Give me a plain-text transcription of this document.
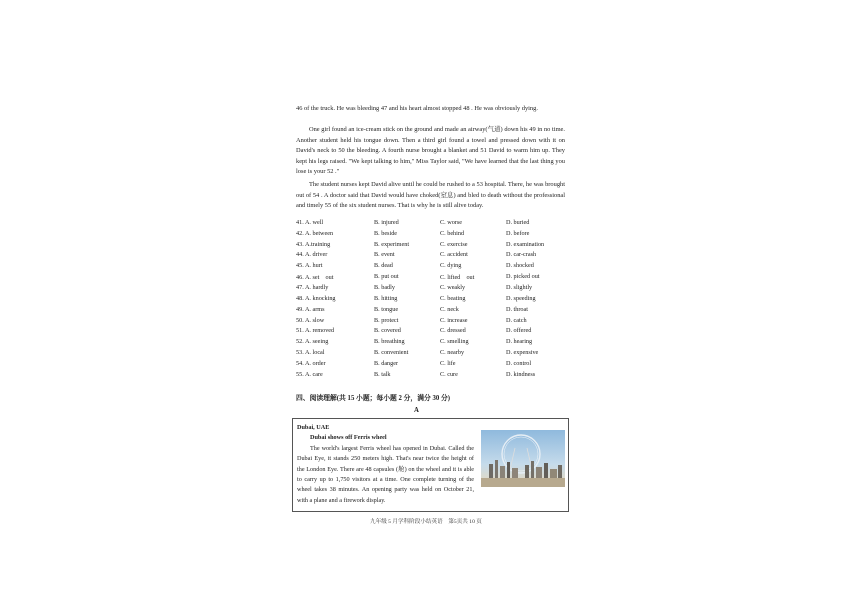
46 of the truck. He was bleeding 47 and his heart almost stopped 48 . He was obviously dying.

One girl found an ice-cream stick on the ground and made an airway(气道) down his 49 in no time. Another student held his tongue down. Then a third girl found a towel and pressed down with it on David's neck to 50 the bleeding. A fourth nurse brought a blanket and 51 David to warm him up. They kept his legs raised. "We kept talking to him," Miss Taylor said, "We have learned that the last thing you lose is your 52 ."

The student nurses kept David alive until he could be rushed to a 53 hospital. There, he was brought out of 54 . A doctor said that David would have choked(窒息) and bled to death without the professional and timely 55 of the six student nurses. That is why he is still alive today.

41. A. well	B. injured	C. worse	D. buried
42. A. between	B. beside	C. behind	D. before
43. A.training	B. experiment	C. exercise	D. examination
44. A. driver	B. event	C. accident	D. car-crash
45. A. hurt	B. dead	C. dying	D. shocked
46. A. set　out	B. put out	C. lifted　out	D. picked out
47. A. hardly	B. badly	C. weakly	D. slightly
48. A. knocking	B. hitting	C. beating	D. speeding
49. A. arms	B. tongue	C. neck	D. throat
50. A. slow	B. protect	C. increase	D. catch
51. A. removed	B. covered	C. dressed	D. offered
52. A. seeing	B. breathing	C. smelling	D. hearing
53. A. local	B. convenient	C. nearby	D. expensive
54. A. order	B. danger	C. life	D. control
55. A. care	B. talk	C. cure	D. kindness
四、阅读理解(共 15 小题；每小题 2 分，满分 30 分)
A
Dubai, UAE
Dubai shows off Ferris wheel
The world's largest Ferris wheel has opened in Dubai. Called the Dubai Eye, it stands 250 meters high. That's near twice the height of the London Eye. There are 48 capsules (舱) on the wheel and it is able to carry up to 1,750 visitors at a time. One complete turning of the wheel takes 38 minutes. An opening party was held on October 21, with a plane and a firework display.
九年级 5 月学科阶段小结英语　第5页共 10 页
